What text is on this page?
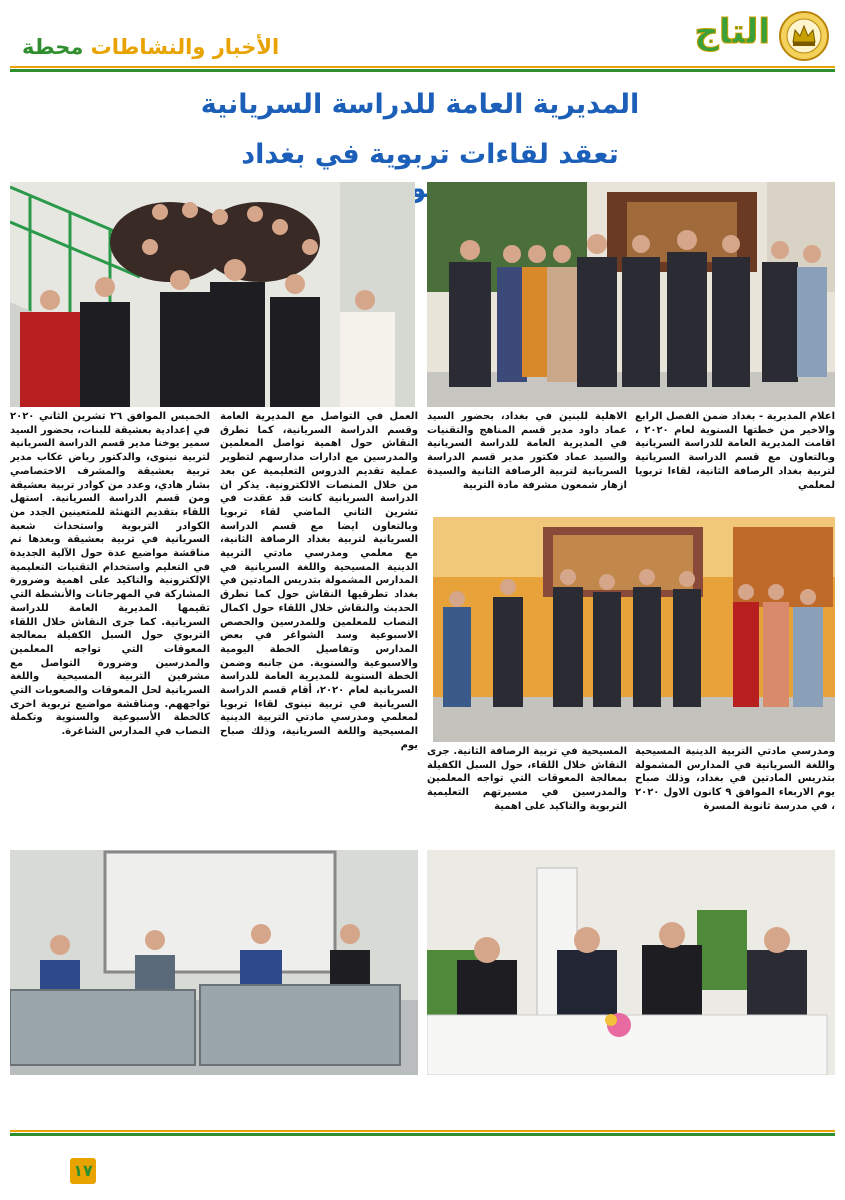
التاج
الأخبار والنشاطات محطة
المديرية العامة للدراسة السريانية
تعقد لقاءات تربوية في بغداد
اعلام المديرية - بغداد ضمن الفصل الرابع والاخير من خطتها السنوية لعام ٢٠٢٠ ، اقامت المديرية العامة للدراسة السريانية وبالتعاون مع قسم الدراسة السريانية لتربية بغداد الرصافة الثانية، لقاءا تربويا لمعلمي
الاهلية للبنين في بغداد، بحضور السيد عماد داود مدير قسم المناهج والتقنيات في المديرية العامة للدراسة السريانية والسيد عماد فكتور مدير قسم الدراسة السريانية لتربية الرصافة الثانية والسيدة ازهار شمعون مشرفة مادة التربية
ومدرسي مادتي التربية الدينية المسيحية واللغة السريانية في المدارس المشمولة بتدريس المادتين في بغداد، وذلك صباح يوم الاربعاء الموافق ٩ كانون الاول ٢٠٢٠ ، في مدرسة ثانوية المسرة
المسيحية في تربية الرصافة الثانية. جرى النقاش خلال اللقاء، حول السبل الكفيلة بمعالجة المعوقات التي تواجه المعلمين والمدرسين في مسيرتهم التعليمية التربوية والتاكيد على اهمية
العمل في التواصل مع المديرية العامة وقسم الدراسة السريانية، كما تطرق النقاش حول اهمية تواصل المعلمين والمدرسين مع ادارات مدارسهم لتطوير عملية تقديم الدروس التعليمية عن بعد من خلال المنصات الالكترونية. يذكر ان الدراسة السريانية كانت قد عقدت في تشرين الثاني الماضي لقاء تربويا وبالتعاون ايضا مع قسم الدراسة السريانية لتربية بغداد الرصافة الثانية، مع معلمي ومدرسي مادتي التربية الدينية المسيحية واللغة السريانية في المدارس المشمولة بتدريس المادتين في بغداد تطرقيها النقاش حول كما تطرق الحديث والنقاش خلال اللقاء حول اكمال النصاب للمعلمين وللمدرسين والحصص الاسبوعية وسد الشواغر في بعض المدارس وتفاصيل الخطة اليومية والاسبوعية والسنوية. من جانبه وضمن الخطة السنوية للمديرية العامة للدراسة السريانية لعام ٢٠٢٠، أقام قسم الدراسة السريانية في تربية نينوى لقاءا تربويا لمعلمي ومدرسي مادتي التربية الدينية المسيحية واللغة السريانية، وذلك صباح يوم
الخميس الموافق ٢٦ تشرين الثاني ٢٠٢٠ في إعدادية بعشيقة للبنات، بحضور السيد سمير يوخنا مدير قسم الدراسة السريانية لتربية نينوى، والدكتور رياض عكاب مدير تربية بعشيقة والمشرف الاختصاصي بشار هادي، وعدد من كوادر تربية بعشيقة ومن قسم الدراسة السريانية. استهل اللقاء بتقديم التهنئة للمتعينين الجدد من الكوادر التربوية واستحداث شعبة السريانية في تربية بعشيقة وبعدها تم مناقشة مواضيع عدة حول الآلية الجديدة في التعليم واستخدام التقنيات التعليمية الإلكترونية والتاكيد على اهمية وضرورة المشاركة في المهرجانات والأنشطة التي تقيمها المديرية العامة للدراسة السريانية. كما جرى النقاش خلال اللقاء التربوي حول السبل الكفيلة بمعالجة المعوقات التي تواجه المعلمين والمدرسين وضرورة التواصل مع مشرفين التربية المسيحية واللغة السريانية لحل المعوقات والصعوبات التي تواجههم. ومناقشة مواضيع تربوية اخرى كالخطة الأسبوعية والسنوية وتكملة النصاب في المدارس الشاغرة.
١٧
